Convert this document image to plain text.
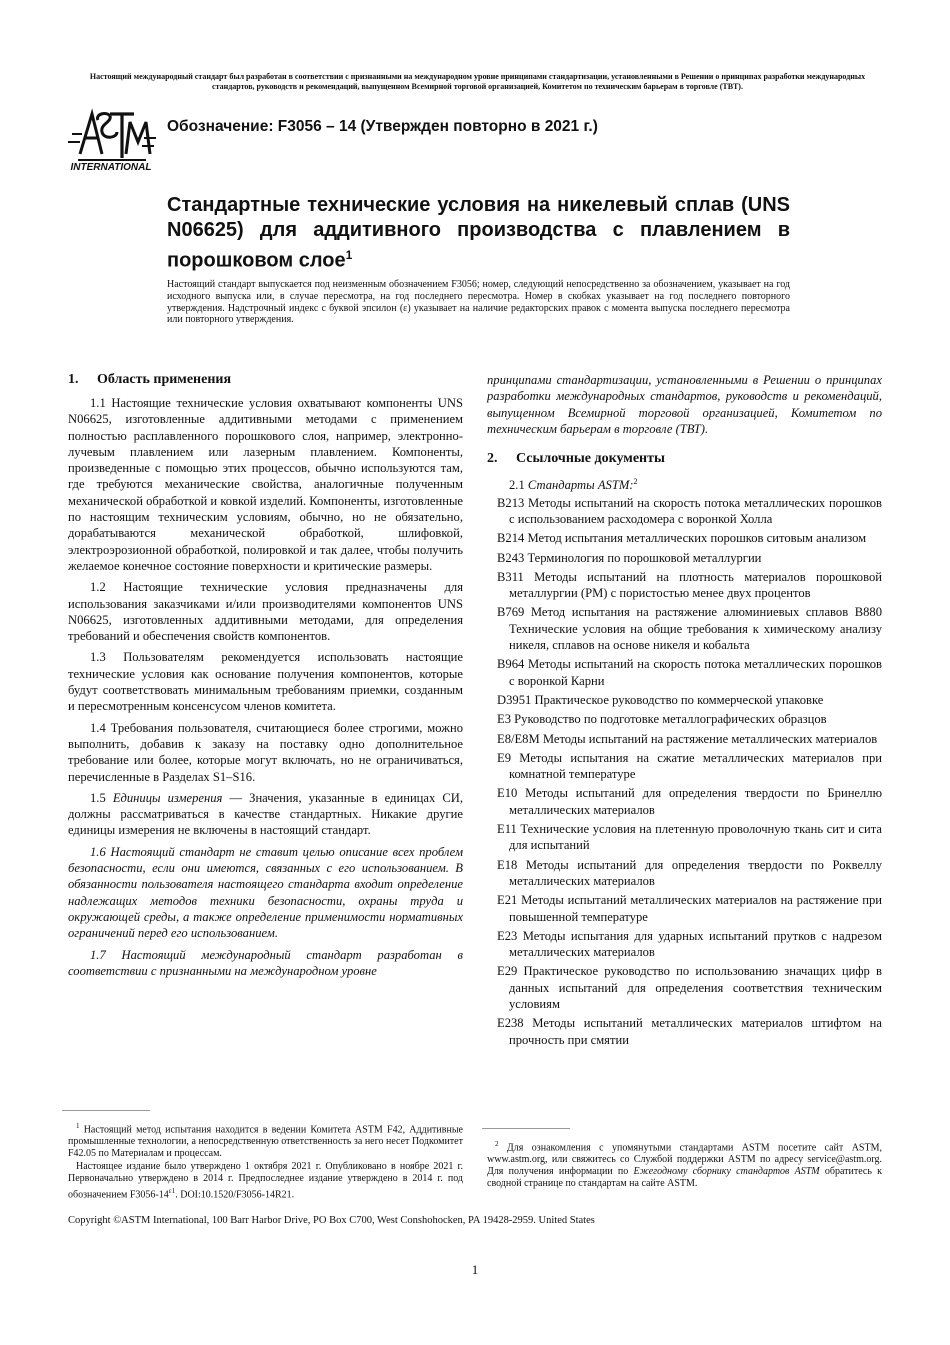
Настоящий международный стандарт был разработан в соответствии с признанными на международном уровне принципами стандартизации, установленными в Решении о принципах разработки международных стандартов, руководств и рекомендаций, выпущенном Всемирной торговой организацией, Комитетом по техническим барьерам в торговле (ТВТ).
INTERNATIONAL
Обозначение: F3056 – 14 (Утвержден повторно в 2021 г.)
Стандартные технические условия на никелевый сплав (UNS N06625) для аддитивного производства с плавлением в порошковом слое$^1$
Настоящий стандарт выпускается под неизменным обозначением F3056; номер, следующий непосредственно за обозначением, указывает на год исходного выпуска или, в случае пересмотра, на год последнего пересмотра. Номер в скобках указывает на год последнего повторного утверждения. Надстрочный индекс с буквой эпсилон (ε) указывает на наличие редакторских правок с момента выпуска последнего пересмотра или повторного утверждения.
1. Область применения

1.1 Настоящие технические условия охватывают компоненты UNS N06625, изготовленные аддитивными методами с применением полностью расплавленного порошкового слоя, например, электронно-лучевым плавлением или лазерным плавлением. Компоненты, произведенные с помощью этих процессов, обычно используются там, где требуются механические свойства, аналогичные полученным механической обработкой и ковкой изделий. Компоненты, изготовленные по настоящим техническим условиям, обычно, но не обязательно, дорабатываются механической обработкой, шлифовкой, электроэрозионной обработкой, полировкой и так далее, чтобы получить желаемое конечное состояние поверхности и критические размеры.

1.2 Настоящие технические условия предназначены для использования заказчиками и/или производителями компонентов UNS N06625, изготовленных аддитивными методами, для определения требований и обеспечения свойств компонентов.

1.3 Пользователям рекомендуется использовать настоящие технические условия как основание получения компонентов, которые будут соответствовать минимальным требованиям приемки, созданным и пересмотренным консенсусом членов комитета.

1.4 Требования пользователя, считающиеся более строгими, можно выполнить, добавив к заказу на поставку одно дополнительное требование или более, которые могут включать, но не ограничиваться, перечисленные в Разделах S1–S16.

1.5 Единицы измерения — Значения, указанные в единицах СИ, должны рассматриваться в качестве стандартных. Никакие другие единицы измерения не включены в настоящий стандарт.

1.6 Настоящий стандарт не ставит целью описание всех проблем безопасности, если они имеются, связанных с его использованием. В обязанности пользователя настоящего стандарта входит определение надлежащих методов техники безопасности, охраны труда и окружающей среды, а также определение применимости нормативных ограничений перед его использованием.

1.7 Настоящий международный стандарт разработан в соответствии с признанными на международном уровне

принципами стандартизации, установленными в Решении о принципах разработки международных стандартов, руководств и рекомендаций, выпущенном Всемирной торговой организацией, Комитетом по техническим барьерам в торговле (ТВТ).

2. Ссылочные документы
2.1 Стандарты ASTM:$^2$
B213 Методы испытаний на скорость потока металлических порошков с использованием расходомера с воронкой Холла
B214 Метод испытания металлических порошков ситовым анализом
B243 Терминология по порошковой металлургии
B311 Методы испытаний на плотность материалов порошковой металлургии (PM) с пористостью менее двух процентов
B769 Метод испытания на растяжение алюминиевых сплавов B880 Технические условия на общие требования к химическому анализу никеля, сплавов на основе никеля и кобальта
B964 Методы испытаний на скорость потока металлических порошков с воронкой Карни
D3951 Практическое руководство по коммерческой упаковке
E3 Руководство по подготовке металлографических образцов
E8/E8M Методы испытаний на растяжение металлических материалов
E9 Методы испытания на сжатие металлических материалов при комнатной температуре
E10 Методы испытаний для определения твердости по Бринеллю металлических материалов
E11 Технические условия на плетенную проволочную ткань сит и сита для испытаний
E18 Методы испытаний для определения твердости по Роквеллу металлических материалов
E21 Методы испытаний металлических материалов на растяжение при повышенной температуре
E23 Методы испытания для ударных испытаний прутков с надрезом металлических материалов
E29 Практическое руководство по использованию значащих цифр в данных испытаний для определения соответствия техническим условиям
E238 Методы испытаний металлических материалов штифтом на прочность при смятии

$^1$ Настоящий метод испытания находится в ведении Комитета ASTM F42, Аддитивные промышленные технологии, а непосредственную ответственность за него несет Подкомитет F42.05 по Материалам и процессам.

Настоящее издание было утверждено 1 октября 2021 г. Опубликовано в ноябре 2021 г. Первоначально утверждено в 2014 г. Предпоследнее издание утверждено в 2014 г. под обозначением $F3056-14^{\varepsilon 1}$. DOI:10.1520/F3056-14R21.

$^2$ Для ознакомления с упомянутыми стандартами ASTM посетите сайт ASTM, www.astm.org, или свяжитесь со Службой поддержки ASTM по адресу service@astm.org. Для получения информации по Ежегодному сборнику стандартов ASTM обратитесь к сводной странице по стандартам на сайте ASTM.

Copyright ©ASTM International, 100 Barr Harbor Drive, PO Box C700, West Conshohocken, PA 19428-2959. United States
1
